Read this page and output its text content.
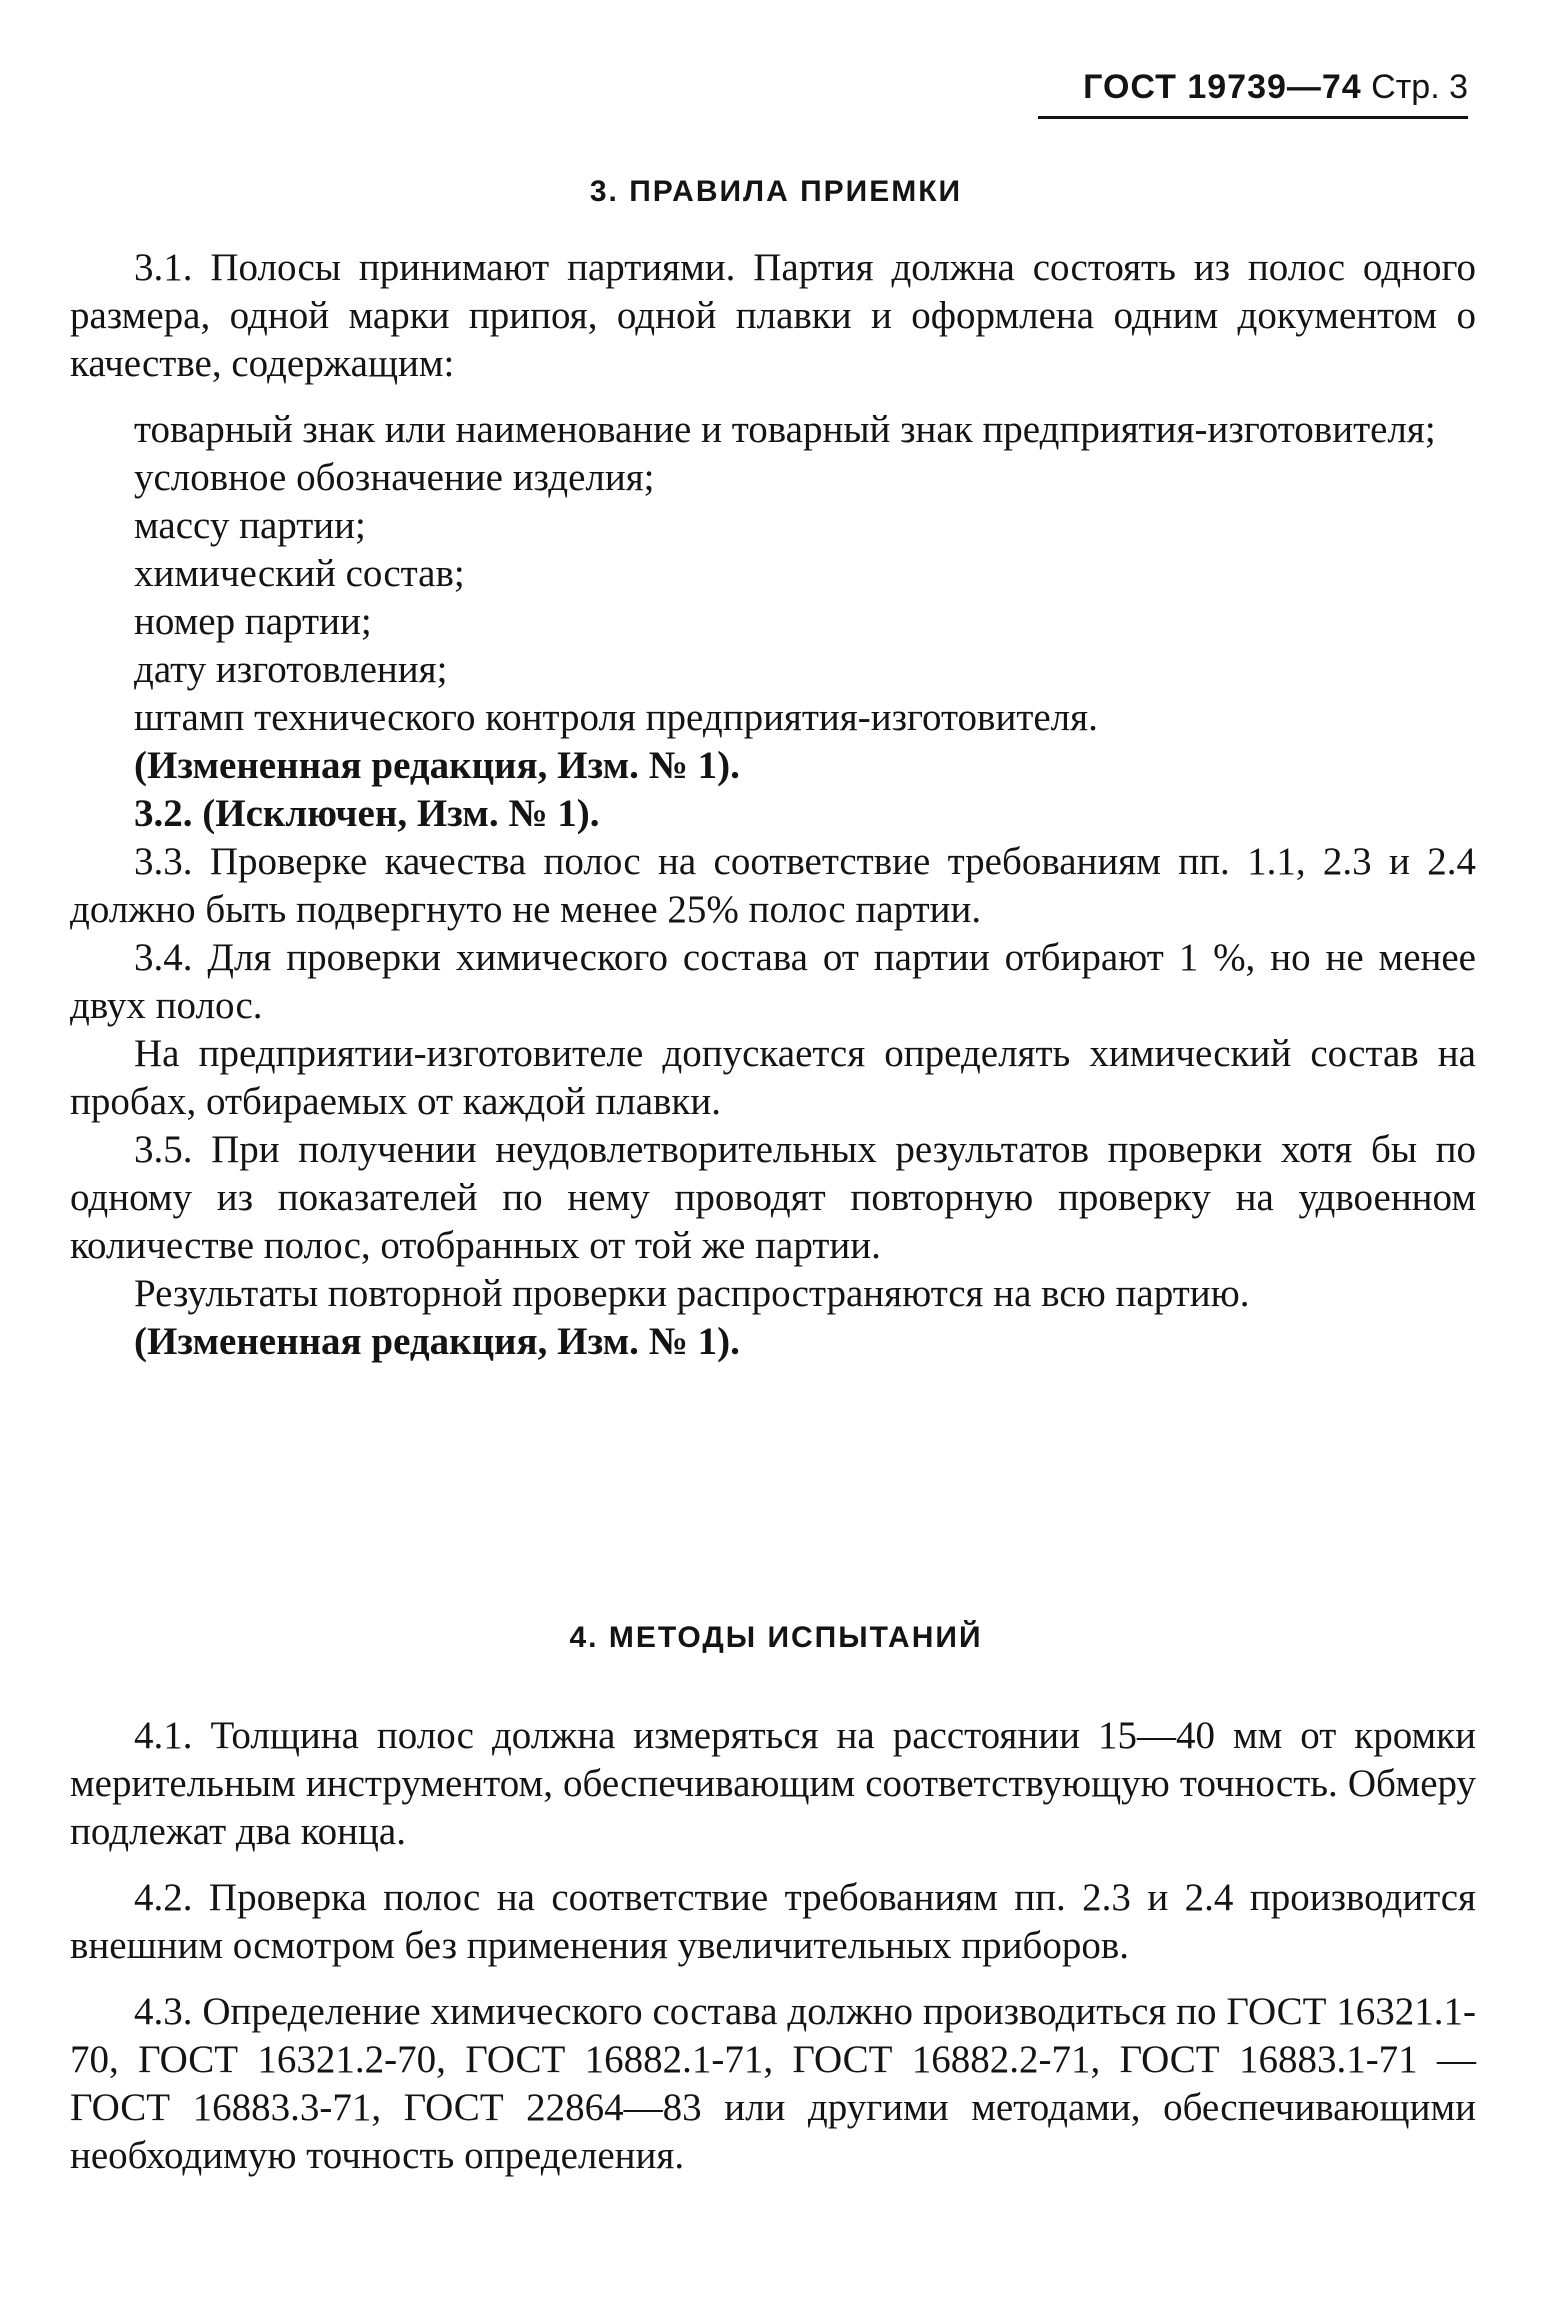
ГОСТ 19739—74 Стр. 3
3. ПРАВИЛА ПРИЕМКИ

3.1. Полосы принимают партиями. Партия должна состоять из полос одного размера, одной марки припоя, одной плавки и оформлена одним документом о качестве, содержащим:

товарный знак или наименование и товарный знак предприятия-изготовителя;
условное обозначение изделия;
массу партии;
химический состав;
номер партии;
дату изготовления;
штамп технического контроля предприятия-изготовителя.

(Измененная редакция, Изм. № 1).

3.2. (Исключен, Изм. № 1).

3.3. Проверке качества полос на соответствие требованиям пп. 1.1, 2.3 и 2.4 должно быть подвергнуто не менее 25% полос партии.

3.4. Для проверки химического состава от партии отбирают 1 %, но не менее двух полос.

На предприятии-изготовителе допускается определять химический состав на пробах, отбираемых от каждой плавки.

3.5. При получении неудовлетворительных результатов проверки хотя бы по одному из показателей по нему проводят повторную проверку на удвоенном количестве полос, отобранных от той же партии.

Результаты повторной проверки распространяются на всю партию.

(Измененная редакция, Изм. № 1).

4. МЕТОДЫ ИСПЫТАНИЙ

4.1. Толщина полос должна измеряться на расстоянии 15—40 мм от кромки мерительным инструментом, обеспечивающим соответствующую точность. Обмеру подлежат два конца.

4.2. Проверка полос на соответствие требованиям пп. 2.3 и 2.4 производится внешним осмотром без применения увеличительных приборов.

4.3. Определение химического состава должно производиться по ГОСТ 16321.1-70, ГОСТ 16321.2-70, ГОСТ 16882.1-71, ГОСТ 16882.2-71, ГОСТ 16883.1-71 — ГОСТ 16883.3-71, ГОСТ 22864—83 или другими методами, обеспечивающими необходимую точность определения.
